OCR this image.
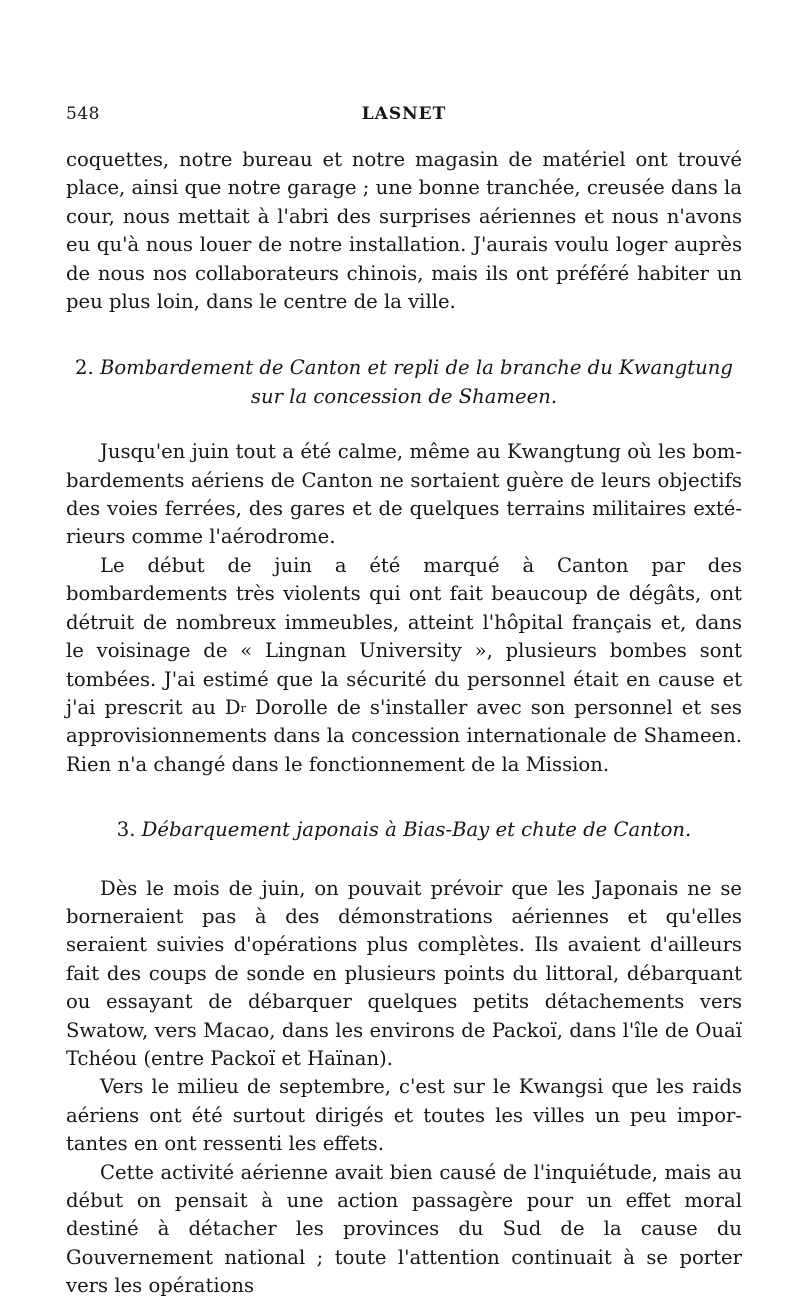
548	LASNET

coquettes, notre bureau et notre magasin de matériel ont trouvé place, ainsi que notre garage ; une bonne tranchée, creusée dans la cour, nous mettait à l'abri des surprises aériennes et nous n'avons eu qu'à nous louer de notre installation. J'aurais voulu loger auprès de nous nos collaborateurs chinois, mais ils ont préféré habiter un peu plus loin, dans le centre de la ville.

2. Bombardement de Canton et repli de la branche du Kwangtung sur la concession de Shameen.

Jusqu'en juin tout a été calme, même au Kwangtung où les bombardements aériens de Canton ne sortaient guère de leurs objectifs des voies ferrées, des gares et de quelques terrains militaires extérieurs comme l'aérodrome.

Le début de juin a été marqué à Canton par des bombardements très violents qui ont fait beaucoup de dégâts, ont détruit de nombreux immeubles, atteint l'hôpital français et, dans le voisinage de « Lingnan University », plusieurs bombes sont tombées. J'ai estimé que la sécurité du personnel était en cause et j'ai prescrit au $D^r$ Dorolle de s'installer avec son personnel et ses approvisionnements dans la concession internationale de Shameen. Rien n'a changé dans le fonctionnement de la Mission.

3. Débarquement japonais à Bias-Bay et chute de Canton.

Dès le mois de juin, on pouvait prévoir que les Japonais ne se borneraient pas à des démonstrations aériennes et qu'elles seraient suivies d'opérations plus complètes. Ils avaient d'ailleurs fait des coups de sonde en plusieurs points du littoral, débarquant ou essayant de débarquer quelques petits détachements vers Swatow, vers Macao, dans les environs de Packoï, dans l'île de Ouaï Tchéou (entre Packoï et Haïnan).

Vers le milieu de septembre, c'est sur le Kwangsi que les raids aériens ont été surtout dirigés et toutes les villes un peu importantes en ont ressenti les effets.

Cette activité aérienne avait bien causé de l'inquiétude, mais au début on pensait à une action passagère pour un effet moral destiné à détacher les provinces du Sud de la cause du Gouvernement national ; toute l'attention continuait à se porter vers les opérations
